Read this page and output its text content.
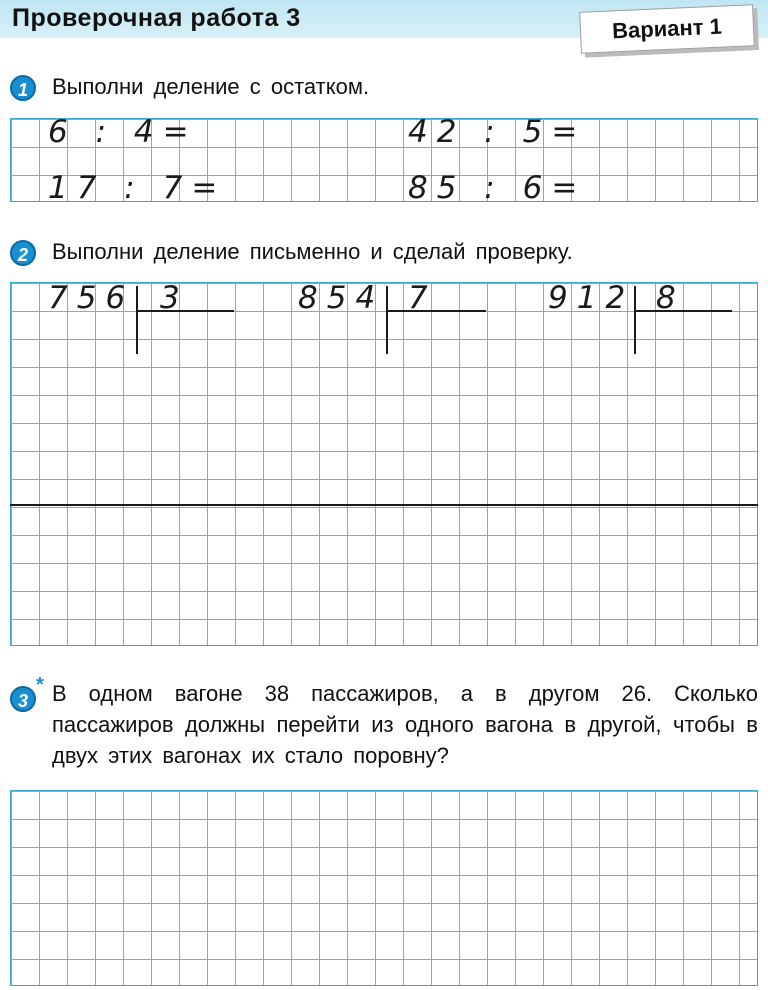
Проверочная работа 3	Вариант 1
1	Выполни деление с остатком.

6 : 4=	42 : 5=
17 : 7=	85 : 6=
2	Выполни деление письменно и сделай проверку.

756 3	854 7	912 8
3
* В одном вагоне 38 пассажиров, а в другом 26. Сколько пассажиров должны перейти из одного вагона в другой, чтобы в двух этих вагонах их стало поровну?
